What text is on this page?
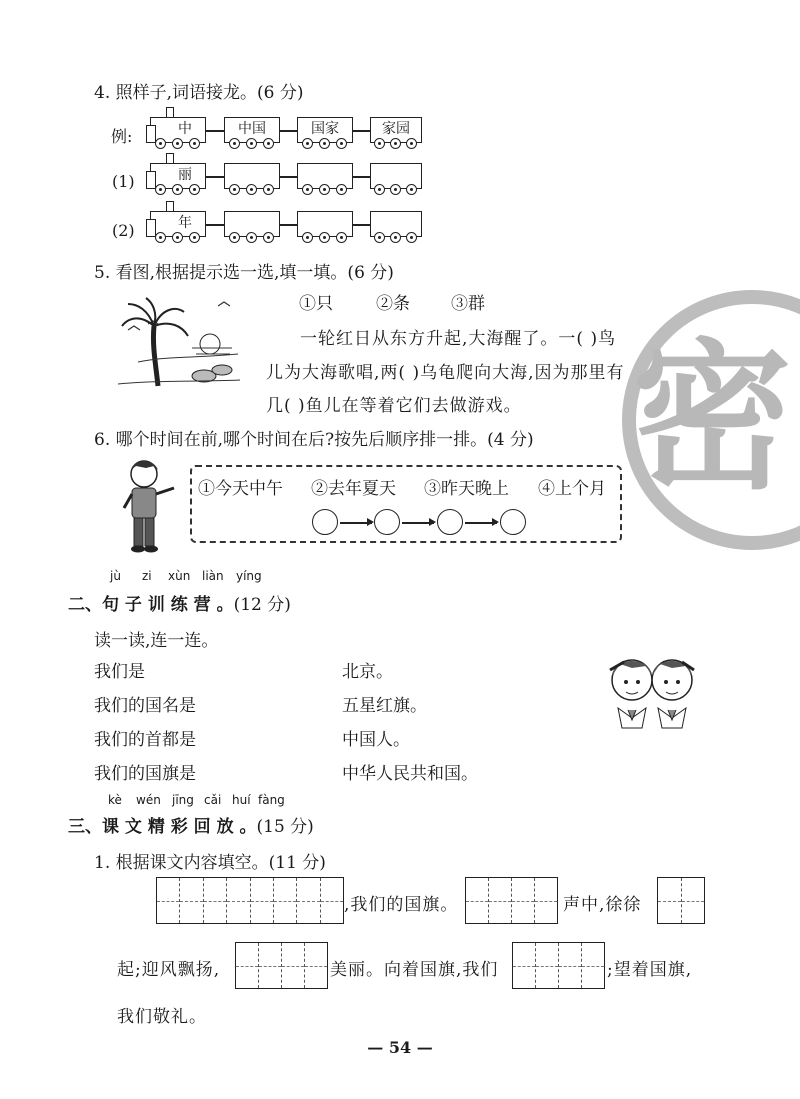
密
4. 照样子,词语接龙。(6 分)
例:
(1)
(2)
中	中国	国家	家园
丽
年
5. 看图,根据提示选一选,填一填。(6 分)
①只	②条 ③群
一轮红日从东方升起,大海醒了。一( )鸟
儿为大海歌唱,两( )乌龟爬向大海,因为那里有
几( )鱼儿在等着它们去做游戏。
6. 哪个时间在前,哪个时间在后?按先后顺序排一排。(4 分)
①今天中午 ②去年夏天 ③昨天晚上 ④上个月
jù zi xùn liàn yíng
二、句 子 训 练 营 。(12 分)
读一读,连一连。
我们是
我们的国名是
我们的首都是
我们的国旗是
北京。
五星红旗。
中国人。
中华人民共和国。
kè wén jīng cǎi huí fàng
三、课 文 精 彩 回 放 。(15 分)
1. 根据课文内容填空。(11 分)
,我们的国旗。	声中,徐徐
起;迎风飘扬,	美丽。向着国旗,我们	;望着国旗,
我们敬礼。
— 54 —
